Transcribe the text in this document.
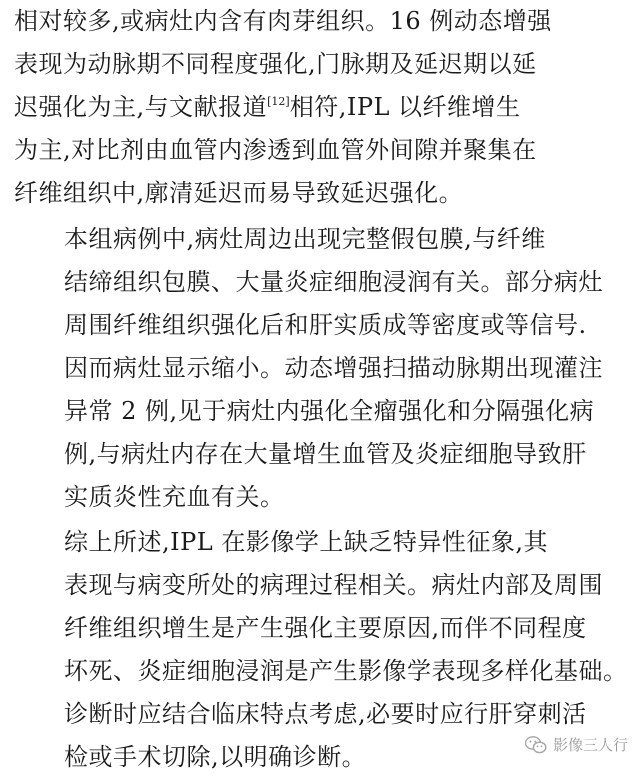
相对较多,或病灶内含有肉芽组织。16 例动态增强
表现为动脉期不同程度强化,门脉期及延迟期以延
迟强化为主,与文献报道[12]相符,IPL 以纤维增生
为主,对比剂由血管内渗透到血管外间隙并聚集在
纤维组织中,廓清延迟而易导致延迟强化。

本组病例中,病灶周边出现完整假包膜,与纤维
结缔组织包膜、大量炎症细胞浸润有关。部分病灶
周围纤维组织强化后和肝实质成等密度或等信号.
因而病灶显示缩小。动态增强扫描动脉期出现灌注
异常 2 例,见于病灶内强化全瘤强化和分隔强化病
例,与病灶内存在大量增生血管及炎症细胞导致肝
实质炎性充血有关。

综上所述,IPL 在影像学上缺乏特异性征象,其
表现与病变所处的病理过程相关。病灶内部及周围
纤维组织增生是产生强化主要原因,而伴不同程度
坏死、炎症细胞浸润是产生影像学表现多样化基础。
诊断时应结合临床特点考虑,必要时应行肝穿刺活
检或手术切除,以明确诊断。	影像三人行
